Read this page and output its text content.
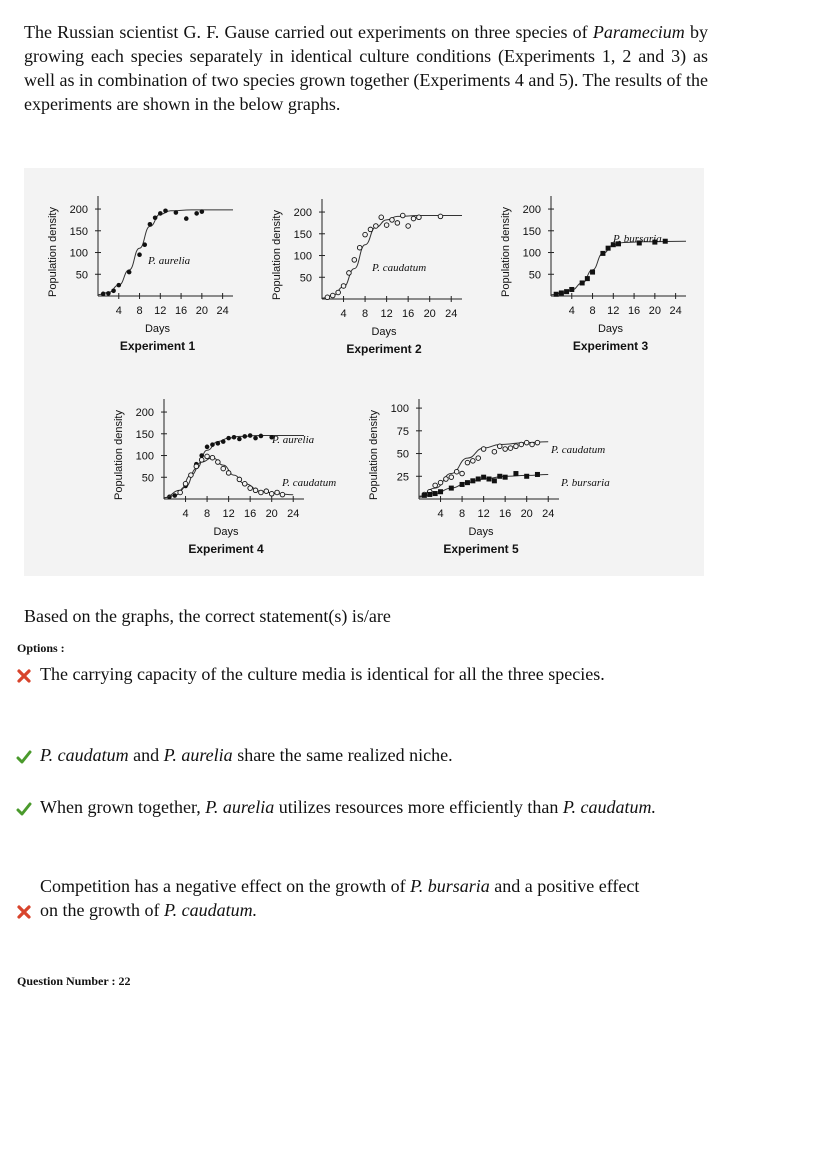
The Russian scientist G. F. Gause carried out experiments on three species of Paramecium by growing each species separately in identical culture conditions (Experiments 1, 2 and 3) as well as in combination of two species grown together (Experiments 4 and 5). The results of the experiments are shown in the below graphs.
4 8 12 16 20 24
50
100
150
200
Days
Population density
Experiment 1
P. aurelia
4 8 12 16 20 24
50
100
150
200
Days
Population density
Experiment 2
P. caudatum
4 8 12 16 20 24
50
100
150
200
Days
Population density
Experiment 3
P. bursaria
4 8 12 16 20 24
50
100
150
200
Days
Population density
Experiment 4
P. aurelia
P. caudatum
4 8 12 16 20 24
25
50
75
100
Days
Population density
Experiment 5
P. caudatum
P. bursaria
Based on the graphs, the correct statement(s) is/are
Options :
The carrying capacity of the culture media is identical for all the three species.
P. caudatum and P. aurelia share the same realized niche.
When grown together, P. aurelia utilizes resources more efficiently than P. caudatum.
Competition has a negative effect on the growth of P. bursaria and a positive effect on the growth of P. caudatum.
Question Number : 22
